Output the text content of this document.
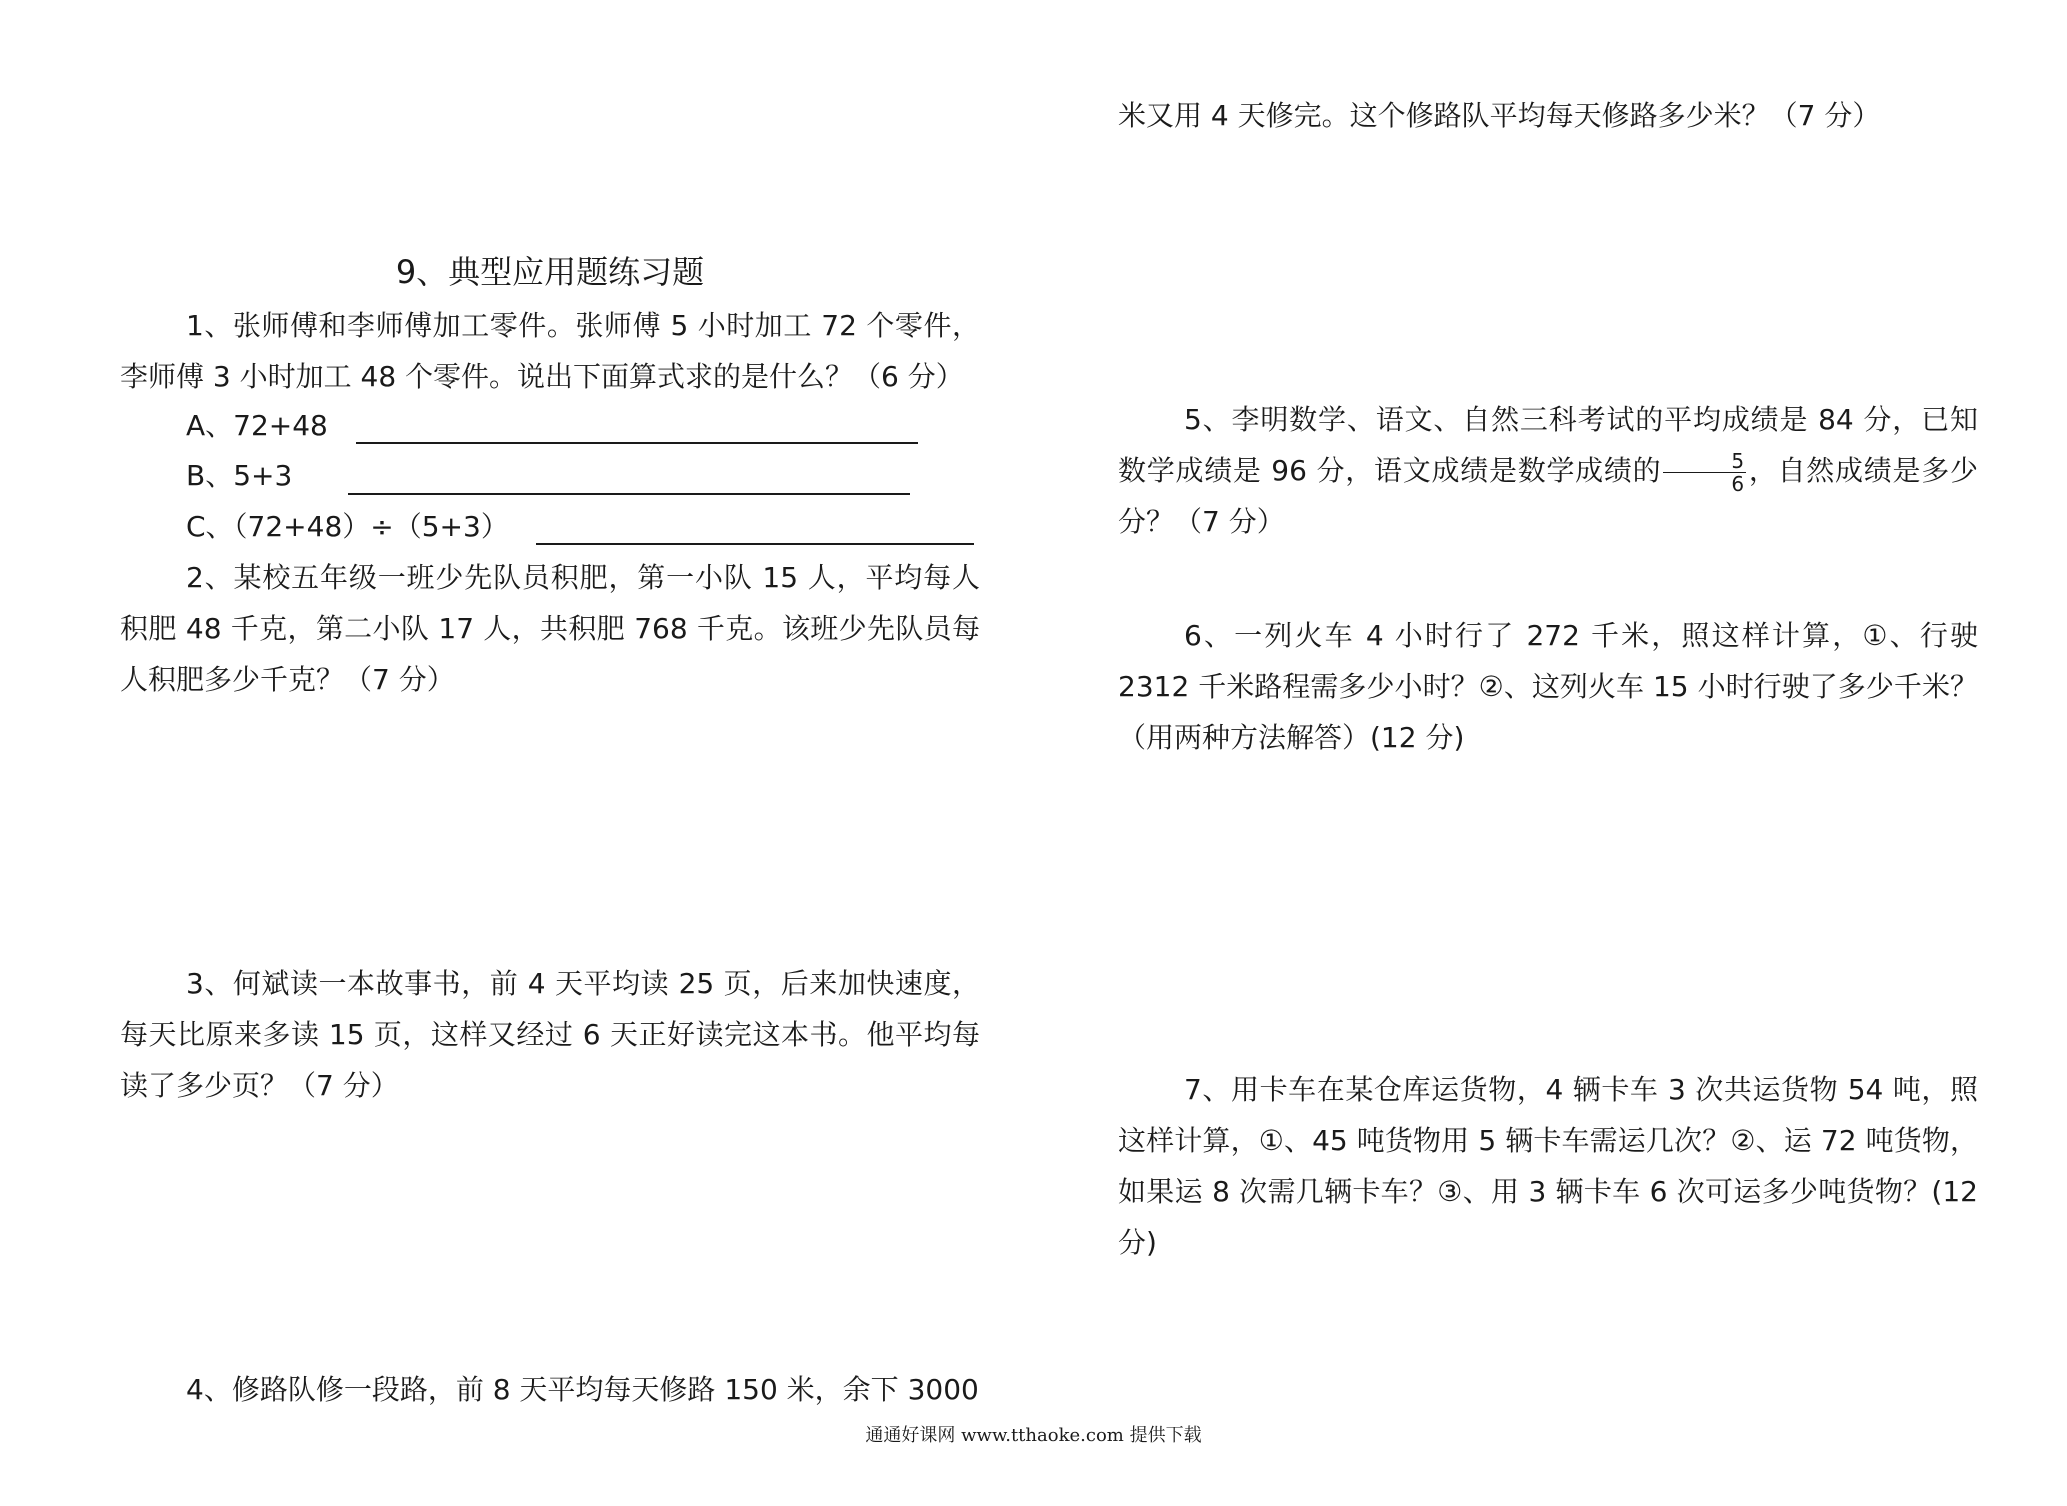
米又用 4 天修完。这个修路队平均每天修路多少米？（7 分）

9、典型应用题练习题

1、张师傅和李师傅加工零件。张师傅 5 小时加工 72 个零件，李师傅 3 小时加工 48 个零件。说出下面算式求的是什么？（6 分）

A、72+48
B、5+3
C、（72+48）÷（5+3）

2、某校五年级一班少先队员积肥，第一小队 15 人，平均每人积肥 48 千克，第二小队 17 人，共积肥 768 千克。该班少先队员每人积肥多少千克？（7 分）

3、何斌读一本故事书，前 4 天平均读 25 页，后来加快速度，每天比原来多读 15 页，这样又经过 6 天正好读完这本书。他平均每读了多少页？（7 分）

4、修路队修一段路，前 8 天平均每天修路 150 米，余下 3000

5、李明数学、语文、自然三科考试的平均成绩是 84 分，已知数学成绩是 96 分，语文成绩是数学成绩的 $\frac{5}{6}$ ，自然成绩是多少分？（7 分）

6、一列火车 4 小时行了 272 千米，照这样计算，①、行驶 2312 千米路程需多少小时？②、这列火车 15 小时行驶了多少千米？（用两种方法解答）(12 分)

7、用卡车在某仓库运货物，4 辆卡车 3 次共运货物 54 吨，照这样计算，①、45 吨货物用 5 辆卡车需运几次？②、运 72 吨货物，如果运 8 次需几辆卡车？③、用 3 辆卡车 6 次可运多少吨货物？(12 分)

通通好课网 www.tthaoke.com 提供下载
